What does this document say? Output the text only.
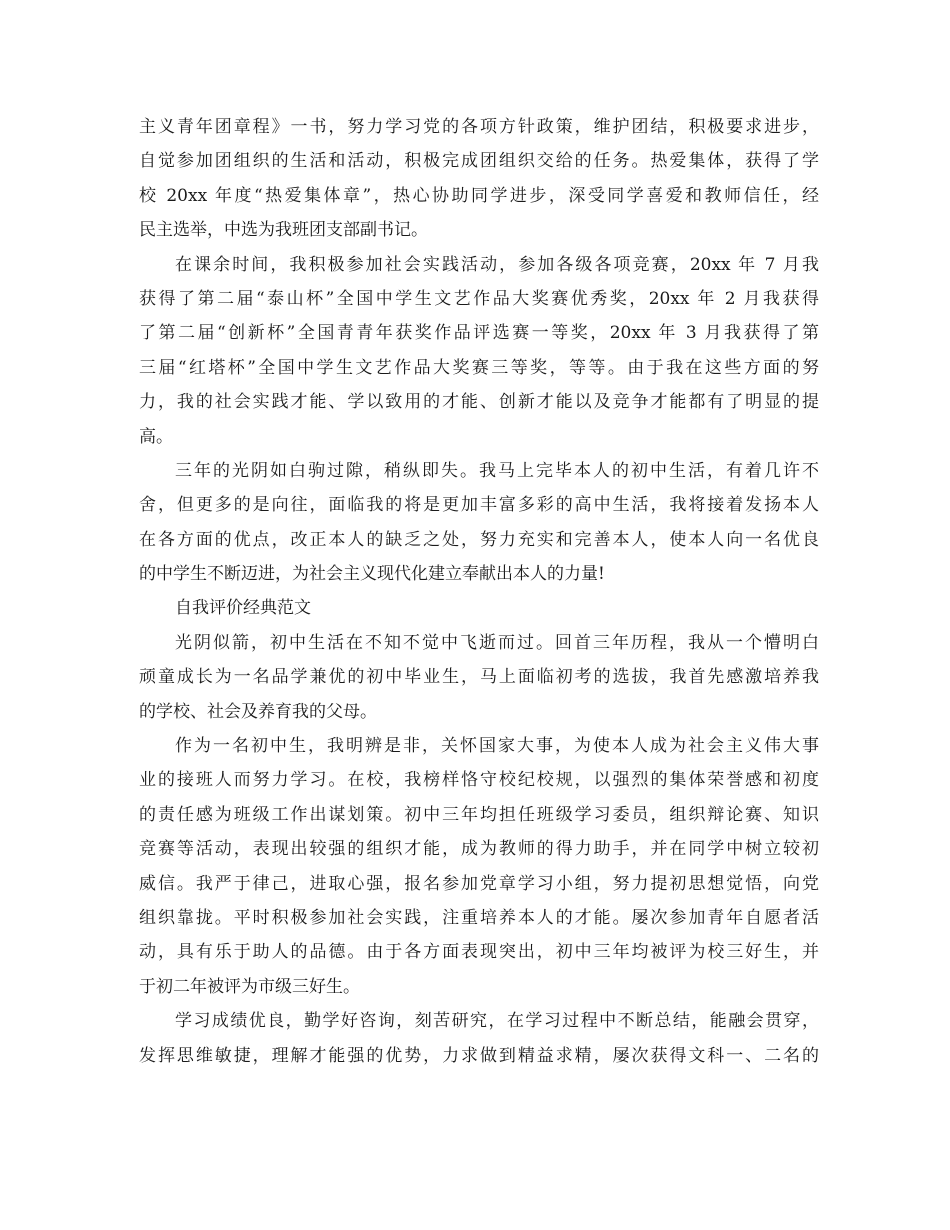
主义青年团章程》一书，努力学习党的各项方针政策，维护团结，积极要求进步，
自觉参加团组织的生活和活动，积极完成团组织交给的任务。热爱集体，获得了学
校 20xx 年度“热爱集体章”，热心协助同学进步，深受同学喜爱和教师信任，经
民主选举，中选为我班团支部副书记。
在课余时间，我积极参加社会实践活动，参加各级各项竞赛，20xx 年 7 月我
获得了第二届“泰山杯”全国中学生文艺作品大奖赛优秀奖，20xx 年 2 月我获得
了第二届“创新杯”全国青青年获奖作品评选赛一等奖，20xx 年 3 月我获得了第
三届“红塔杯”全国中学生文艺作品大奖赛三等奖，等等。由于我在这些方面的努
力，我的社会实践才能、学以致用的才能、创新才能以及竞争才能都有了明显的提
高。
三年的光阴如白驹过隙，稍纵即失。我马上完毕本人的初中生活，有着几许不
舍，但更多的是向往，面临我的将是更加丰富多彩的高中生活，我将接着发扬本人
在各方面的优点，改正本人的缺乏之处，努力充实和完善本人，使本人向一名优良
的中学生不断迈进，为社会主义现代化建立奉献出本人的力量!
自我评价经典范文
光阴似箭，初中生活在不知不觉中飞逝而过。回首三年历程，我从一个懵明白
顽童成长为一名品学兼优的初中毕业生，马上面临初考的选拔，我首先感激培养我
的学校、社会及养育我的父母。
作为一名初中生，我明辨是非，关怀国家大事，为使本人成为社会主义伟大事
业的接班人而努力学习。在校，我榜样恪守校纪校规，以强烈的集体荣誉感和初度
的责任感为班级工作出谋划策。初中三年均担任班级学习委员，组织辩论赛、知识
竞赛等活动，表现出较强的组织才能，成为教师的得力助手，并在同学中树立较初
威信。我严于律己，进取心强，报名参加党章学习小组，努力提初思想觉悟，向党
组织靠拢。平时积极参加社会实践，注重培养本人的才能。屡次参加青年自愿者活
动，具有乐于助人的品德。由于各方面表现突出，初中三年均被评为校三好生，并
于初二年被评为市级三好生。
学习成绩优良，勤学好咨询，刻苦研究，在学习过程中不断总结，能融会贯穿，
发挥思维敏捷，理解才能强的优势，力求做到精益求精，屡次获得文科一、二名的
